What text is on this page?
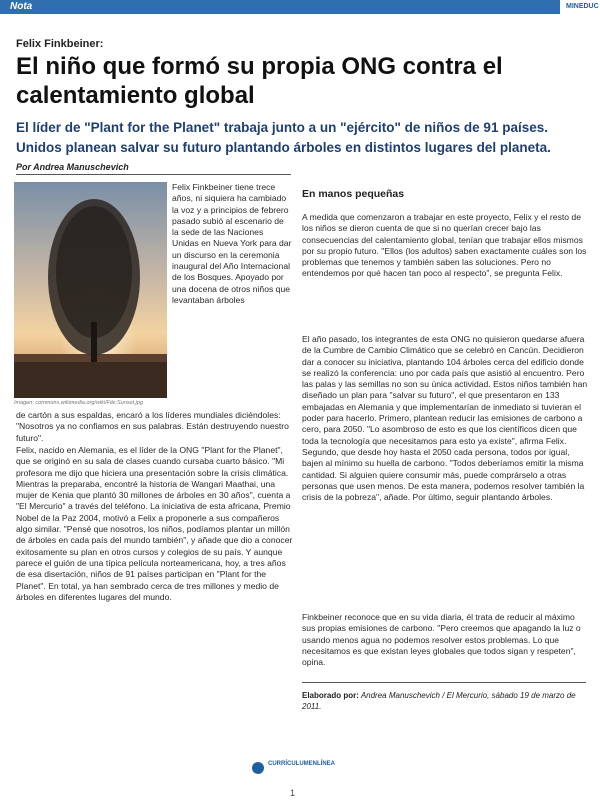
Nota	MINEDUC
Felix Finkbeiner:
El niño que formó su propia ONG contra el calentamiento global

El líder de "Plant for the Planet" trabaja junto a un "ejército" de niños de 91 países. Unidos planean salvar su futuro plantando árboles en distintos lugares del planeta.

Por Andrea Manuschevich
Imagen: commons.wikimedia.org/wiki/File:Sunset.jpg

Felix Finkbeiner tiene trece años, ni siquiera ha cambiado la voz y a principios de febrero pasado subió al escenario de la sede de las Naciones Unidas en Nueva York para dar un discurso en la ceremonia inaugural del Año Internacional de los Bosques. Apoyado por una docena de otros niños que levantaban árboles

de cartón a sus espaldas, encaró a los líderes mundiales diciéndoles: "Nosotros ya no confiamos en sus palabras. Están destruyendo nuestro futuro".

Felix, nacido en Alemania, es el líder de la ONG "Plant for the Planet", que se originó en su sala de clases cuando cursaba cuarto básico. "Mi profesora me dijo que hiciera una presentación sobre la crisis climática. Mientras la preparaba, encontré la historia de Wangari Maathai, una mujer de Kenia que plantó 30 millones de árboles en 30 años", cuenta a "El Mercurio" a través del teléfono. La iniciativa de esta africana, Premio Nobel de la Paz 2004, motivó a Felix a proponerle a sus compañeros algo similar. "Pensé que nosotros, los niños, podíamos plantar un millón de árboles en cada país del mundo también", y añade que dio a conocer exitosamente su plan en otros cursos y colegios de su país. Y aunque parece el guión de una típica película norteamericana, hoy, a tres años de esa disertación, niños de 91 países participan en "Plant for the Planet". En total, ya han sembrado cerca de tres millones y medio de árboles en diferentes lugares del mundo.

En manos pequeñas

A medida que comenzaron a trabajar en este proyecto, Felix y el resto de los niños se dieron cuenta de que si no querían crecer bajo las consecuencias del calentamiento global, tenían que trabajar ellos mismos por su propio futuro. "Ellos (los adultos) saben exactamente cuáles son los problemas que tenemos y también saben las soluciones. Pero no entendemos por qué hacen tan poco al respecto", se pregunta Felix.

El año pasado, los integrantes de esta ONG no quisieron quedarse afuera de la Cumbre de Cambio Climático que se celebró en Cancún. Decidieron dar a conocer su iniciativa, plantando 104 árboles cerca del edificio donde se realizó la conferencia: uno por cada país que asistió al encuentro. Pero las palas y las semillas no son su única actividad. Estos niños también han diseñado un plan para "salvar su futuro", el que presentaron en 133 embajadas en Alemania y que implementarían de inmediato si tuvieran el poder para hacerlo. Primero, plantean reducir las emisiones de carbono a cero, para 2050. "Lo asombroso de esto es que los científicos dicen que toda la tecnología que necesitamos para esto ya existe", afirma Felix. Segundo, que desde hoy hasta el 2050 cada persona, todos por igual, bajen al mínimo su huella de carbono. "Todos deberíamos emitir la misma cantidad. Si alguien quiere consumir más, puede comprárselo a otras personas que usen menos. De esta manera, podemos resolver también la crisis de la pobreza", añade. Por último, seguir plantando árboles.

Finkbeiner reconoce que en su vida diaria, él trata de reducir al máximo sus propias emisiones de carbono. "Pero creemos que apagando la luz o usando menos agua no podemos resolver estos problemas. Lo que necesitamos es que existan leyes globales que todos sigan y respeten", opina.

Elaborado por: Andrea Manuschevich / El Mercurio, sábado 19 de marzo de 2011.
CURRÍCULUMENLÍNEA
1
